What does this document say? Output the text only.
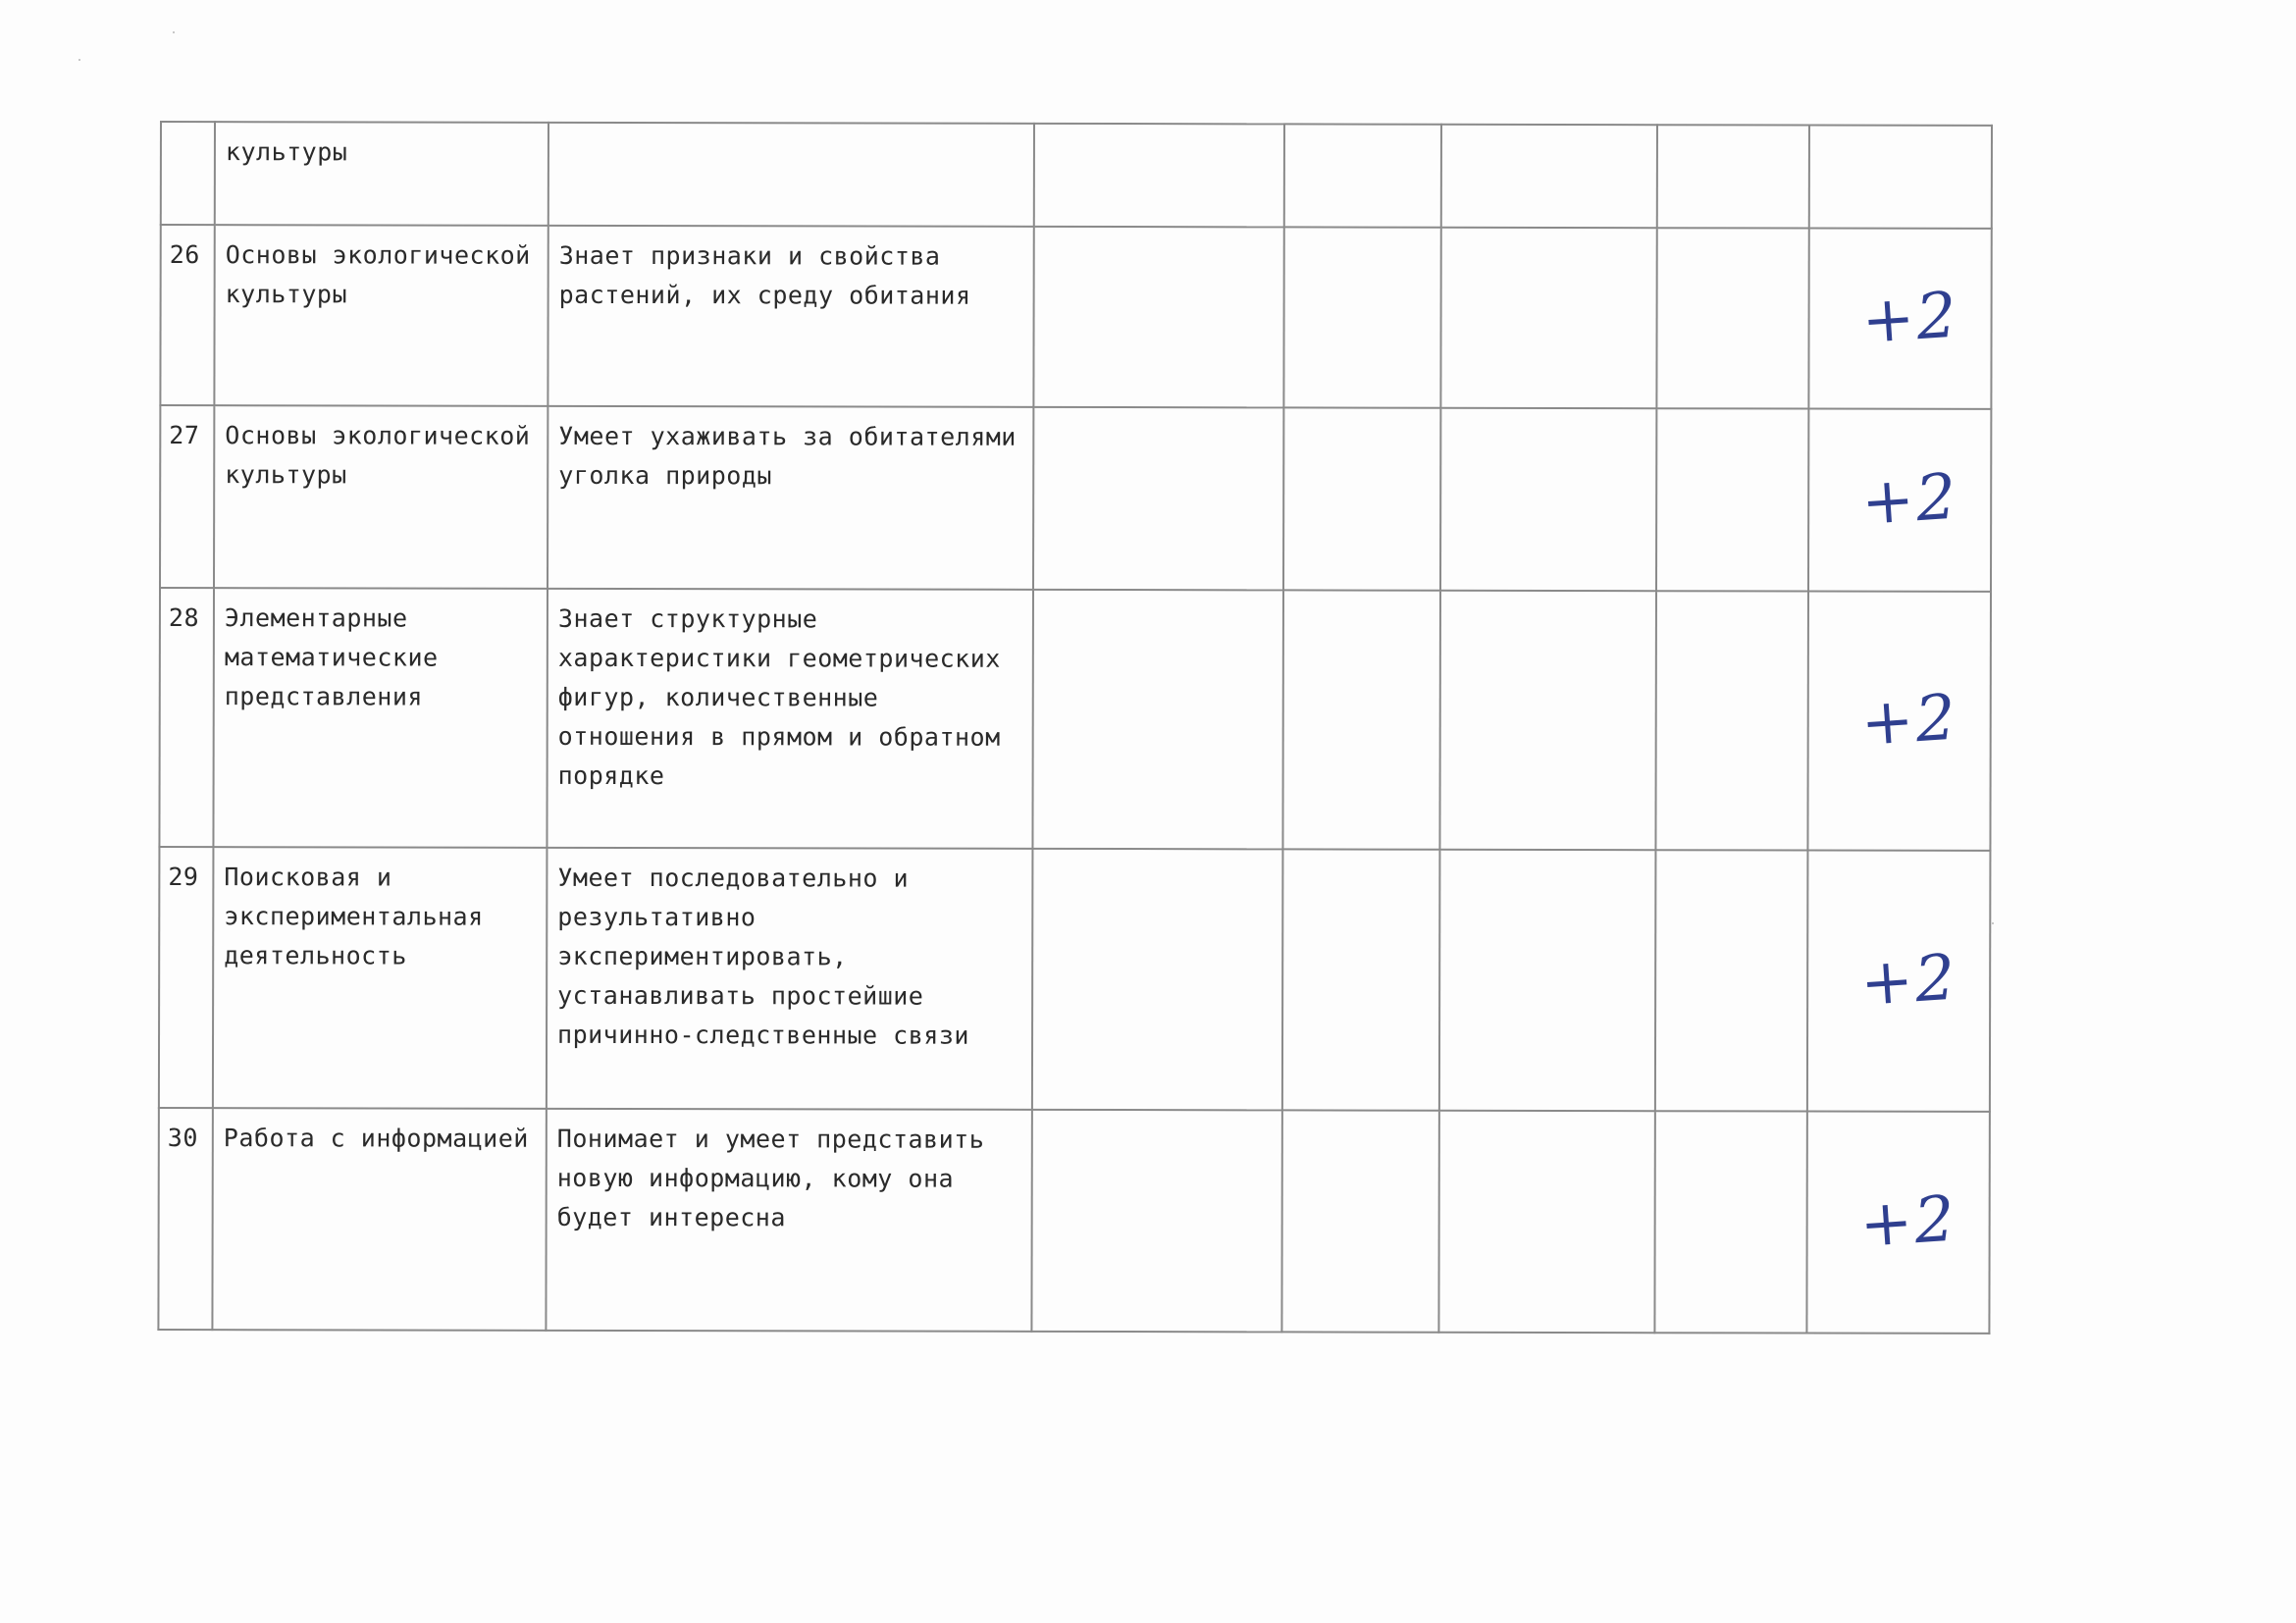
	культуры						

26	Основы экологической культуры	Знает признаки и свойства растений, их среду обитания					+2

27	Основы экологической культуры	Умеет ухаживать за обитателями уголка природы					+2

28	Элементарные математические представления	Знает структурные характеристики геометрических фигур, количественные отношения в прямом и обратном порядке					+2

29	Поисковая и экспериментальная деятельность	Умеет последовательно и результативно экспериментировать, устанавливать простейшие причинно-следственные связи					+2

30	Работа с информацией	Понимает и умеет представить новую информацию, кому она будет интересна					+2
